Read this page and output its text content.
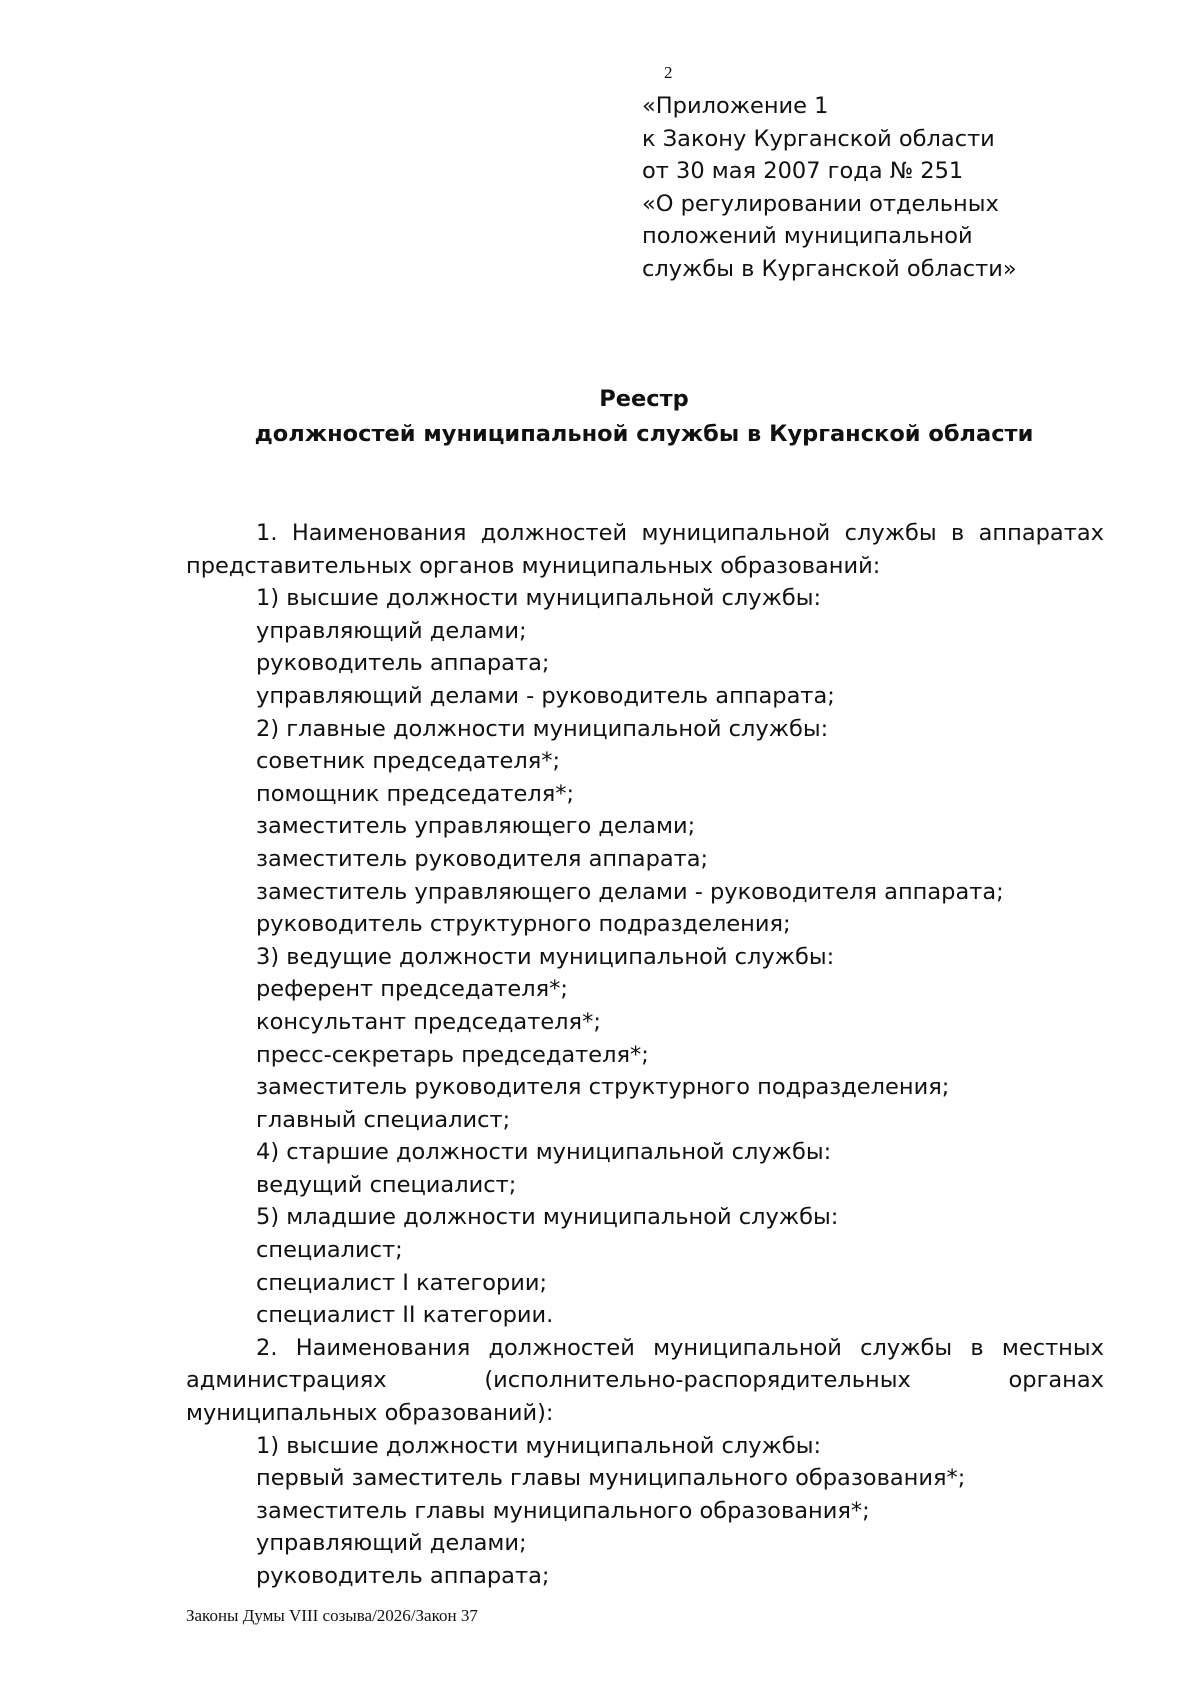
2
«Приложение 1
к Закону Курганской области
от 30 мая 2007 года № 251
«О регулировании отдельных
положений муниципальной
службы в Курганской области»
Реестр
должностей муниципальной службы в Курганской области
1. Наименования должностей муниципальной службы в аппаратах
представительных органов муниципальных образований:
1) высшие должности муниципальной службы:
управляющий делами;
руководитель аппарата;
управляющий делами - руководитель аппарата;
2) главные должности муниципальной службы:
советник председателя*;
помощник председателя*;
заместитель управляющего делами;
заместитель руководителя аппарата;
заместитель управляющего делами - руководителя аппарата;
руководитель структурного подразделения;
3) ведущие должности муниципальной службы:
референт председателя*;
консультант председателя*;
пресс-секретарь председателя*;
заместитель руководителя структурного подразделения;
главный специалист;
4) старшие должности муниципальной службы:
ведущий специалист;
5) младшие должности муниципальной службы:
специалист;
специалист I категории;
специалист II категории.
2. Наименования должностей муниципальной службы в местных
администрациях	(исполнительно-распорядительных	органах
муниципальных образований):
1) высшие должности муниципальной службы:
первый заместитель главы муниципального образования*;
заместитель главы муниципального образования*;
управляющий делами;
руководитель аппарата;
Законы Думы VIII созыва/2026/Закон 37
